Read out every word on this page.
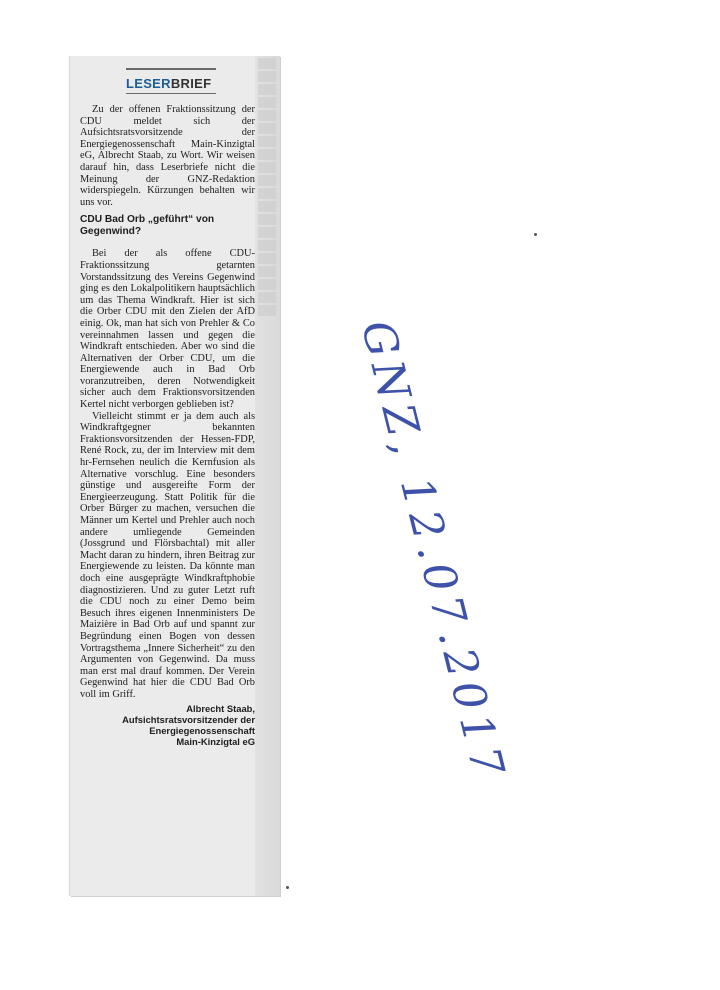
LESERBRIEF

Zu der offenen Fraktionssitzung der CDU meldet sich der Aufsichtsratsvorsitzende der Energiegenossenschaft Main-Kinzigtal eG, Albrecht Staab, zu Wort. Wir weisen darauf hin, dass Leserbriefe nicht die Meinung der GNZ-Redaktion widerspiegeln. Kürzungen behalten wir uns vor.

CDU Bad Orb „geführt“ von Gegenwind?

Bei der als offene CDU-Fraktionssitzung getarnten Vorstandssitzung des Vereins Gegenwind ging es den Lokalpolitikern hauptsächlich um das Thema Windkraft. Hier ist sich die Orber CDU mit den Zielen der AfD einig. Ok, man hat sich von Prehler & Co vereinnahmen lassen und gegen die Windkraft entschieden. Aber wo sind die Alternativen der Orber CDU, um die Energiewende auch in Bad Orb voranzutreiben, deren Notwendigkeit sicher auch dem Fraktionsvorsitzenden Kertel nicht verborgen geblieben ist?

Vielleicht stimmt er ja dem auch als Windkraftgegner bekannten Fraktionsvorsitzenden der Hessen-FDP, René Rock, zu, der im Interview mit dem hr-Fernsehen neulich die Kernfusion als Alternative vorschlug. Eine besonders günstige und ausgereifte Form der Energieerzeugung. Statt Politik für die Orber Bürger zu machen, versuchen die Männer um Kertel und Prehler auch noch andere umliegende Gemeinden (Jossgrund und Flörsbachtal) mit aller Macht daran zu hindern, ihren Beitrag zur Energiewende zu leisten. Da könnte man doch eine ausgeprägte Windkraftphobie diagnostizieren. Und zu guter Letzt ruft die CDU noch zu einer Demo beim Besuch ihres eigenen Innenministers De Maizière in Bad Orb auf und spannt zur Begründung einen Bogen von dessen Vortragsthema „Innere Sicherheit“ zu den Argumenten von Gegenwind. Da muss man erst mal drauf kommen. Der Verein Gegenwind hat hier die CDU Bad Orb voll im Griff.

Albrecht Staab,
Aufsichtsratsvorsitzender der
Energiegenossenschaft
Main-Kinzigtal eG GNZ, 12.07.2017
